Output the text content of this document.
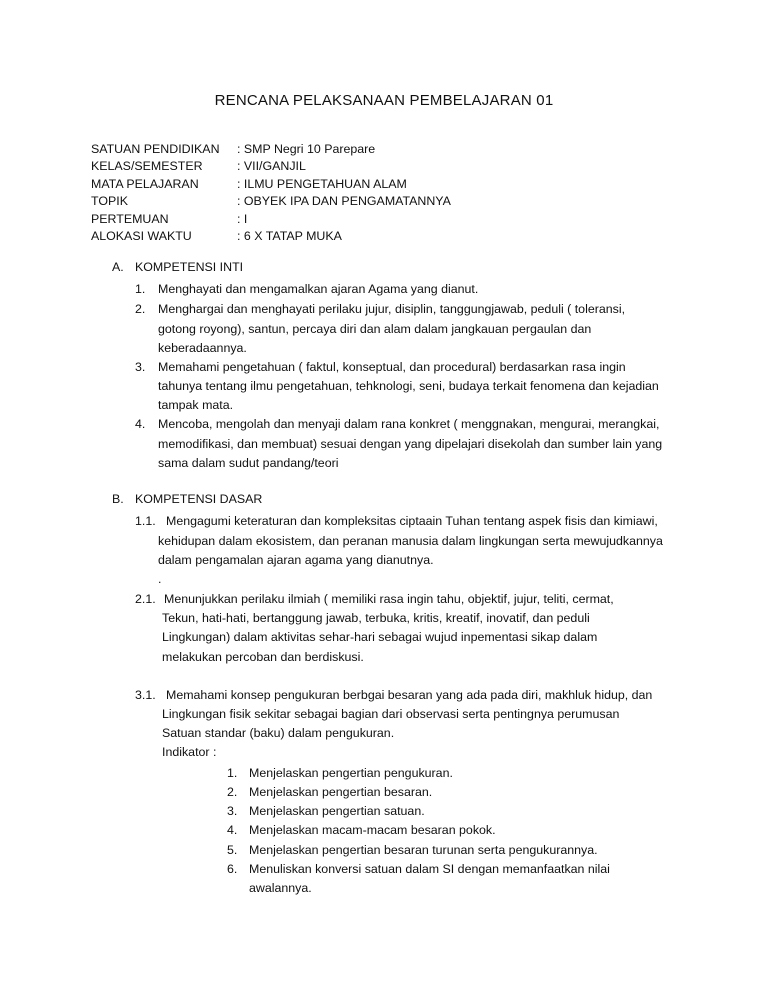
RENCANA PELAKSANAAN PEMBELAJARAN 01
SATUAN PENDIDIKAN : SMP Negri 10 Parepare
KELAS/SEMESTER	: VII/GANJIL
MATA PELAJARAN	: ILMU PENGETAHUAN ALAM
TOPIK	: OBYEK IPA DAN PENGAMATANNYA
PERTEMUAN	: I
ALOKASI WAKTU	: 6 X TATAP MUKA
A. KOMPETENSI INTI
1. Menghayati dan mengamalkan ajaran Agama yang dianut.
2. Menghargai dan menghayati perilaku jujur, disiplin, tanggungjawab, peduli ( toleransi,
gotong royong), santun, percaya diri dan alam dalam jangkauan pergaulan dan
keberadaannya.
3. Memahami pengetahuan ( faktul, konseptual, dan procedural) berdasarkan rasa ingin
tahunya tentang ilmu pengetahuan, tehknologi, seni, budaya terkait fenomena dan kejadian
tampak mata.
4. Mencoba, mengolah dan menyaji dalam rana konkret ( menggnakan, mengurai, merangkai,
memodifikasi, dan membuat) sesuai dengan yang dipelajari disekolah dan sumber lain yang
sama dalam sudut pandang/teori
B. KOMPETENSI DASAR
1.1. Mengagumi keteraturan dan kompleksitas ciptaain Tuhan tentang aspek fisis dan kimiawi,
kehidupan dalam ekosistem, dan peranan manusia dalam lingkungan serta mewujudkannya
dalam pengamalan ajaran agama yang dianutnya.
.
2.1. Menunjukkan perilaku ilmiah ( memiliki rasa ingin tahu, objektif, jujur, teliti, cermat,
Tekun, hati-hati, bertanggung jawab, terbuka, kritis, kreatif, inovatif, dan peduli
Lingkungan) dalam aktivitas sehar-hari sebagai wujud inpementasi sikap dalam
melakukan percoban dan berdiskusi.
3.1. Memahami konsep pengukuran berbgai besaran yang ada pada diri, makhluk hidup, dan
Lingkungan fisik sekitar sebagai bagian dari observasi serta pentingnya perumusan
Satuan standar (baku) dalam pengukuran.
Indikator :
1. Menjelaskan pengertian pengukuran.
2. Menjelaskan pengertian besaran.
3. Menjelaskan pengertian satuan.
4. Menjelaskan macam-macam besaran pokok.
5. Menjelaskan pengertian besaran turunan serta pengukurannya.
6. Menuliskan konversi satuan dalam SI dengan memanfaatkan nilai
awalannya.
